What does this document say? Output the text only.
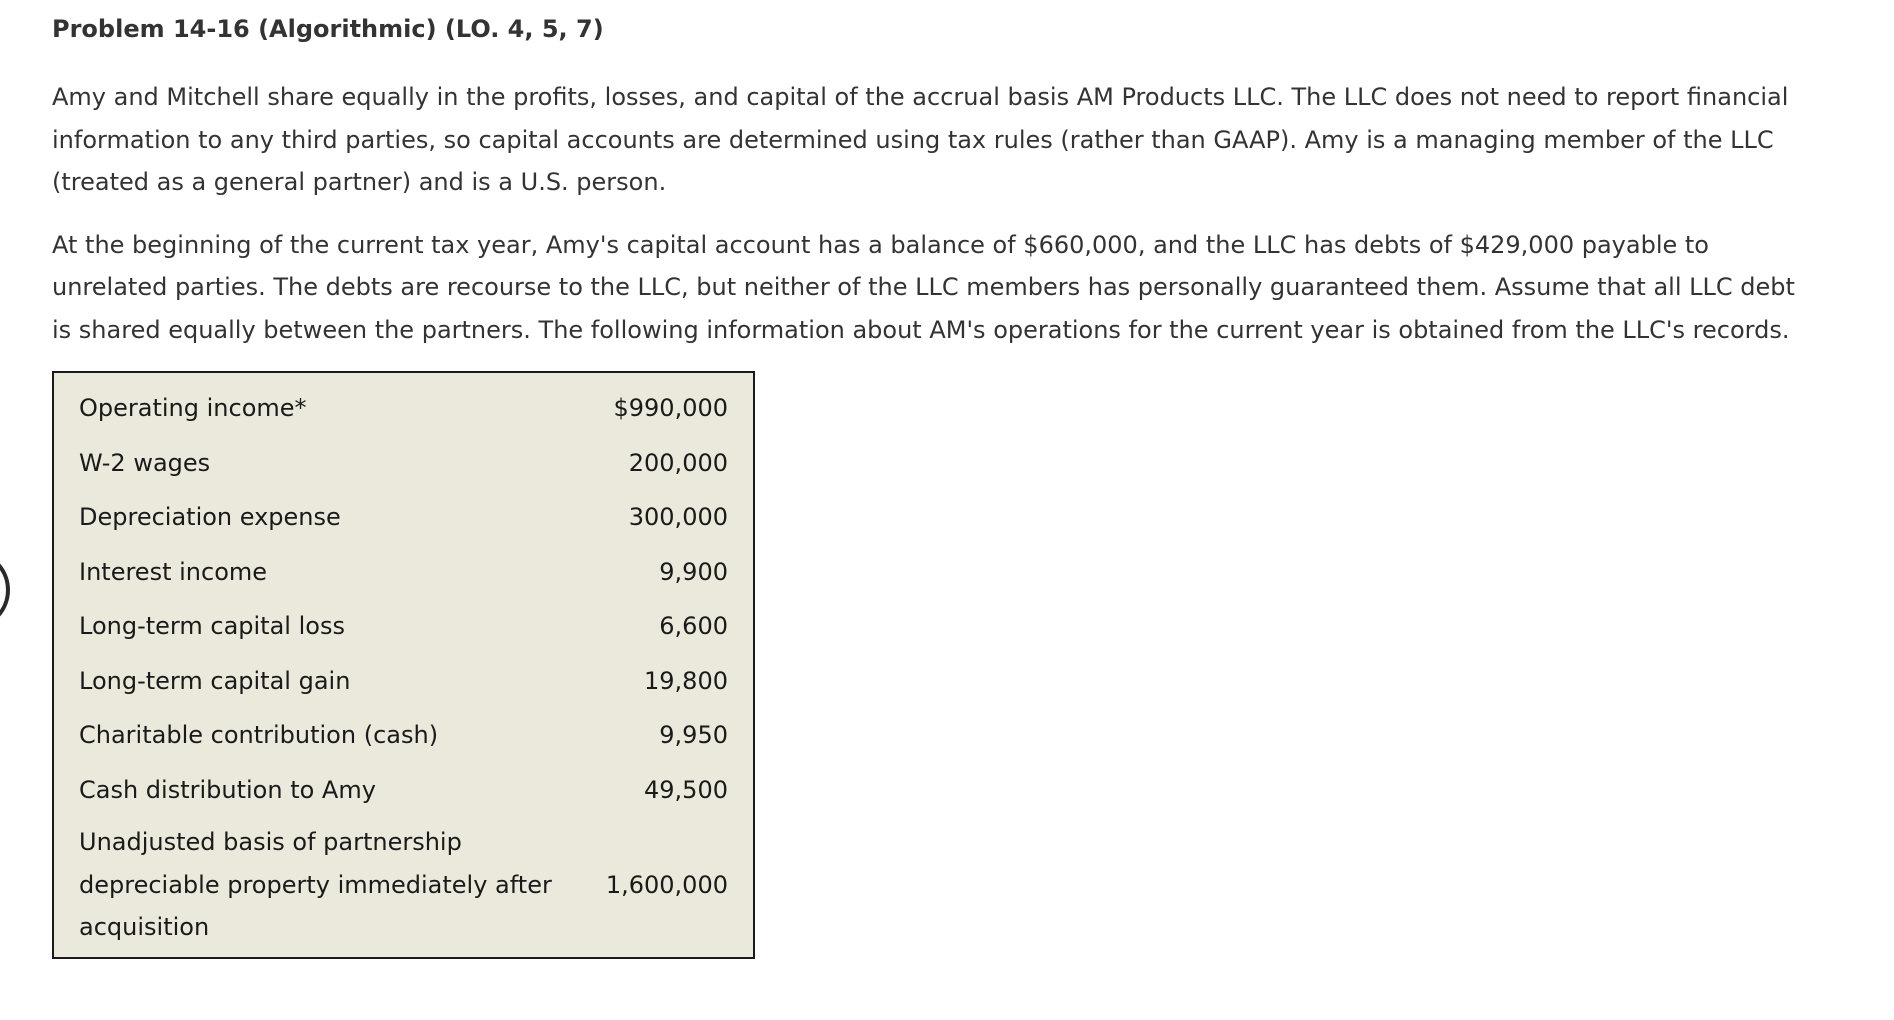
Problem 14-16 (Algorithmic) (LO. 4, 5, 7)

Amy and Mitchell share equally in the profits, losses, and capital of the accrual basis AM Products LLC. The LLC does not need to report financial information to any third parties, so capital accounts are determined using tax rules (rather than GAAP). Amy is a managing member of the LLC (treated as a general partner) and is a U.S. person.

At the beginning of the current tax year, Amy's capital account has a balance of $660,000, and the LLC has debts of $429,000 payable to unrelated parties. The debts are recourse to the LLC, but neither of the LLC members has personally guaranteed them. Assume that all LLC debt is shared equally between the partners. The following information about AM's operations for the current year is obtained from the LLC's records.

Operating income*	$990,000
W-2 wages	200,000
Depreciation expense	300,000
Interest income	9,900
Long-term capital loss	6,600
Long-term capital gain	19,800
Charitable contribution (cash)	9,950
Cash distribution to Amy	49,500
Unadjusted basis of partnership depreciable property immediately after acquisition	1,600,000
